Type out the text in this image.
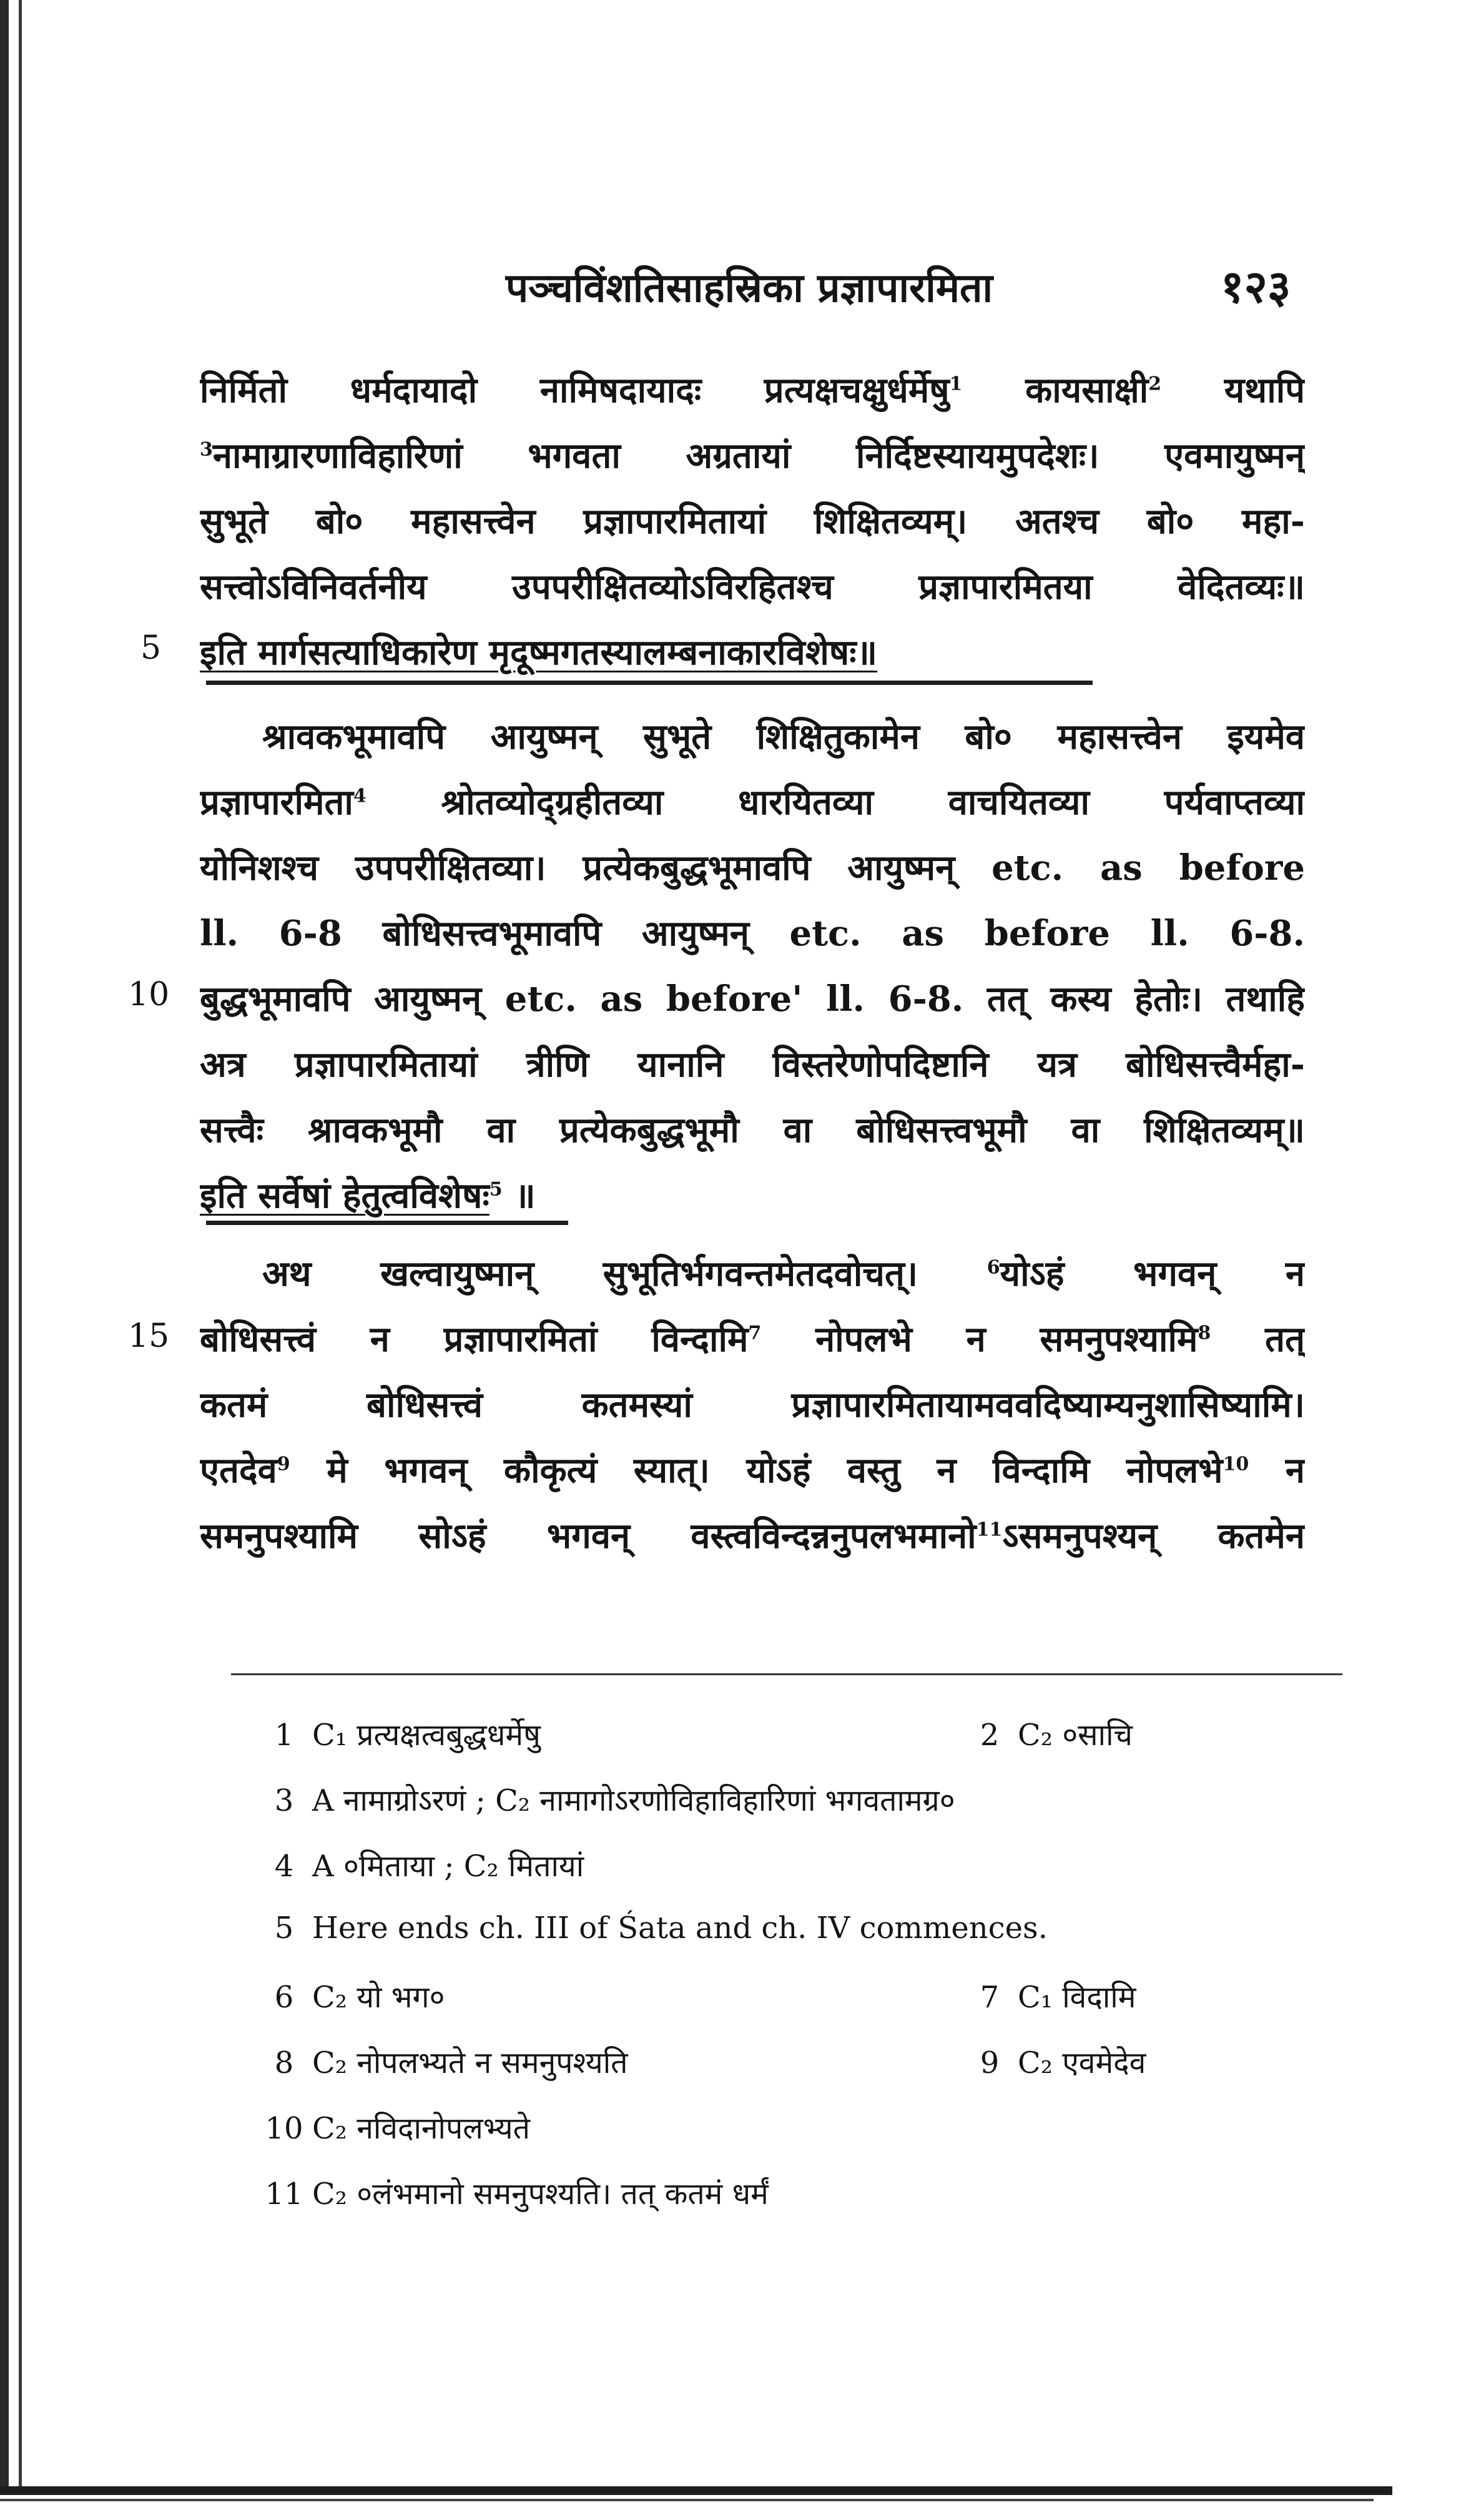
पञ्चविंशतिसाहस्रिका प्रज्ञापारमिता	१२३
निर्मितो धर्मदायादो नामिषदायादः प्रत्यक्षचक्षुर्धर्मेषु$^1$ कायसाक्षी$^2$ यथापि
$^3$नामाग्रारणाविहारिणां भगवता अग्रतायां निर्दिष्टस्यायमुपदेशः। एवमायुष्मन्
सुभूते बो० महासत्त्वेन प्रज्ञापारमितायां शिक्षितव्यम्। अतश्च बो० महा-
सत्त्वोऽविनिवर्तनीय उपपरीक्षितव्योऽविरहितश्च प्रज्ञापारमितया वेदितव्यः॥
5 इति मार्गसत्याधिकारेण मृदूष्मगतस्यालम्बनाकारविशेषः॥
श्रावकभूमावपि आयुष्मन् सुभूते शिक्षितुकामेन बो० महासत्त्वेन इयमेव
प्रज्ञापारमिता$^4$ श्रोतव्योद्ग्रहीतव्या धारयितव्या वाचयितव्या पर्यवाप्तव्या
योनिशश्च उपपरीक्षितव्या। प्रत्येकबुद्धभूमावपि आयुष्मन् etc. as before
ll. 6-8 बोधिसत्त्वभूमावपि आयुष्मन् etc. as before ll. 6-8.
10 बुद्धभूमावपि आयुष्मन् etc. as before' ll. 6-8. तत् कस्य हेतोः। तथाहि
अत्र प्रज्ञापारमितायां त्रीणि यानानि विस्तरेणोपदिष्टानि यत्र बोधिसत्त्वैर्महा-
सत्त्वैः श्रावकभूमौ वा प्रत्येकबुद्धभूमौ वा बोधिसत्त्वभूमौ वा शिक्षितव्यम्॥
इति सर्वेषां हेतुत्वविशेषः$^5$ ॥
अथ खल्वायुष्मान् सुभूतिर्भगवन्तमेतदवोचत्। $^6$योऽहं भगवन् न
15 बोधिसत्त्वं न प्रज्ञापारमितां विन्दामि$^7$ नोपलभे न समनुपश्यामि$^8$ तत्
कतमं बोधिसत्त्वं कतमस्यां प्रज्ञापारमितायामववदिष्याम्यनुशासिष्यामि।
एतदेव$^9$ मे भगवन् कौकृत्यं स्यात्। योऽहं वस्तु न विन्दामि नोपलभे$^{10}$ न
समनुपश्यामि सोऽहं भगवन् वस्त्वविन्दन्ननुपलभमानो$^{11}$ऽसमनुपश्यन् कतमेन
1 C₁ प्रत्यक्षत्वबुद्धधर्मेषु	2 C₂ ०साचि
3 A नामाग्रोऽरणं ; C₂ नामागोऽरणोविहाविहारिणां भगवतामग्र०
4 A ०मिताया ; C₂ मितायां
5 Here ends ch. III of Śata and ch. IV commences.
6 C₂ यो भग०	7 C₁ विदामि
8 C₂ नोपलभ्यते न समनुपश्यति	9 C₂ एवमेदेव
10 C₂ नविदानोपलभ्यते
11 C₂ ०लंभमानो समनुपश्यति। तत् कतमं धर्मं
